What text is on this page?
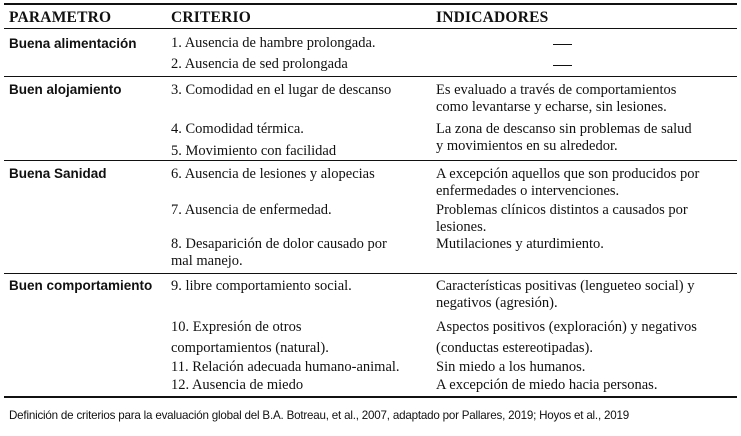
PARAMETRO	CRITERIO	INDICADORES
Buena alimentación
Buen alojamiento
Buena Sanidad
Buen comportamiento
1. Ausencia de hambre prolongada.
2. Ausencia de sed prolongada
3. Comodidad en el lugar de descanso
4. Comodidad térmica.
5. Movimiento con facilidad
6. Ausencia de lesiones y alopecias
7. Ausencia de enfermedad.
8. Desaparición de dolor causado por
mal manejo.
9. libre comportamiento social.
10. Expresión de otros
comportamientos (natural).
11. Relación adecuada humano-animal.
12. Ausencia de miedo
Es evaluado a través de comportamientos
como levantarse y echarse, sin lesiones.
La zona de descanso sin problemas de salud
y movimientos en su alrededor.
A excepción aquellos que son producidos por
enfermedades o intervenciones.
Problemas clínicos distintos a causados por
lesiones.
Mutilaciones y aturdimiento.
Características positivas (lengueteo social) y
negativos (agresión).
Aspectos positivos (exploración) y negativos
(conductas estereotipadas).
Sin miedo a los humanos.
A excepción de miedo hacia personas.
Definición de criterios para la evaluación global del B.A. Botreau, et al., 2007, adaptado por Pallares, 2019; Hoyos et al., 2019
